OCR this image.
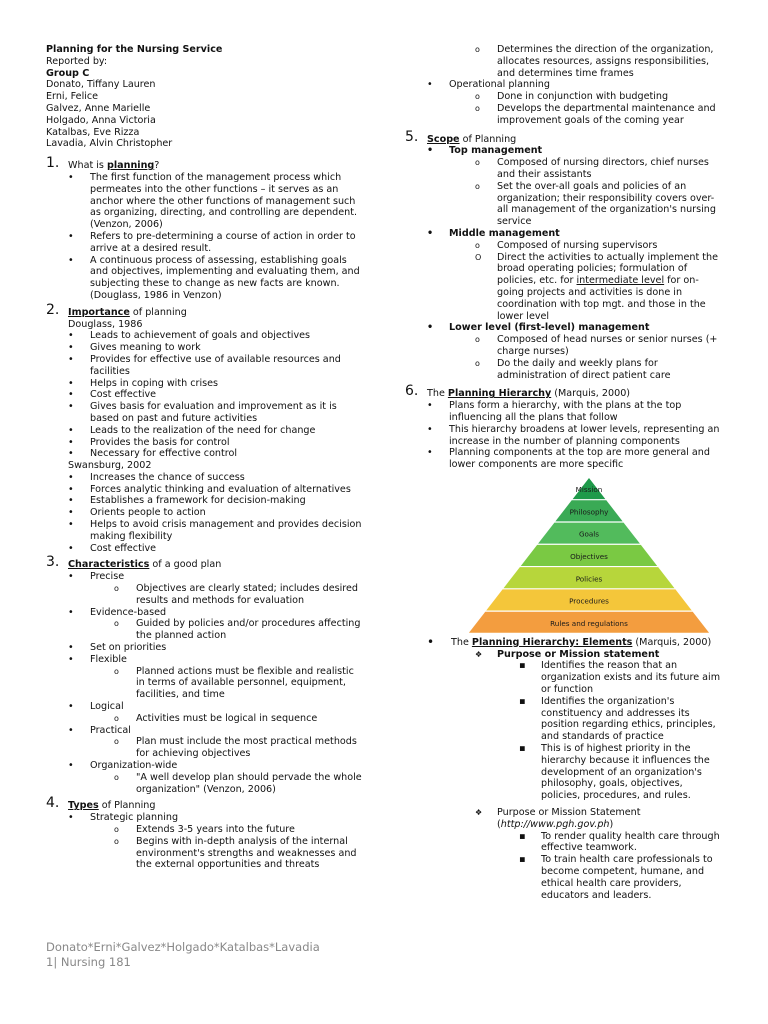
Planning for the Nursing Service
Reported by:
Group C
Donato, Tiffany Lauren
Erni, Felice
Galvez, Anne Marielle
Holgado, Anna Victoria
Katalbas, Eve Rizza
Lavadia, Alvin Christopher
1. What is planning?
• The first function of the management process which permeates into the other functions – it serves as an anchor where the other functions of management such as organizing, directing, and controlling are dependent. (Venzon, 2006)
• Refers to pre-determining a course of action in order to arrive at a desired result.
• A continuous process of assessing, establishing goals and objectives, implementing and evaluating them, and subjecting these to change as new facts are known. (Douglass, 1986 in Venzon)
2. Importance of planning
Douglass, 1986
• Leads to achievement of goals and objectives
• Gives meaning to work
• Provides for effective use of available resources and facilities
• Helps in coping with crises
• Cost effective
• Gives basis for evaluation and improvement as it is based on past and future activities
• Leads to the realization of the need for change
• Provides the basis for control
• Necessary for effective control
Swansburg, 2002
• Increases the chance of success
• Forces analytic thinking and evaluation of alternatives
• Establishes a framework for decision-making
• Orients people to action
• Helps to avoid crisis management and provides decision making flexibility
• Cost effective
3. Characteristics of a good plan
• Precise
o Objectives are clearly stated; includes desired results and methods for evaluation
• Evidence-based
o Guided by policies and/or procedures affecting the planned action
• Set on priorities
• Flexible
o Planned actions must be flexible and realistic in terms of available personnel, equipment, facilities, and time
• Logical
o Activities must be logical in sequence
• Practical
o Plan must include the most practical methods for achieving objectives
• Organization-wide
o "A well develop plan should pervade the whole organization" (Venzon, 2006)
4. Types of Planning
• Strategic planning
o Extends 3-5 years into the future
o Begins with in-depth analysis of the internal environment's strengths and weaknesses and the external opportunities and threats
o Determines the direction of the organization, allocates resources, assigns responsibilities, and determines time frames
• Operational planning
o Done in conjunction with budgeting
o Develops the departmental maintenance and improvement goals of the coming year
5. Scope of Planning
• Top management
o Composed of nursing directors, chief nurses and their assistants
o Set the over-all goals and policies of an organization; their responsibility covers over-all management of the organization's nursing service
• Middle management
o Composed of nursing supervisors
O Direct the activities to actually implement the broad operating policies; formulation of policies, etc. for intermediate level for on-going projects and activities is done in coordination with top mgt. and those in the lower level
• Lower level (first-level) management
o Composed of head nurses or senior nurses (+ charge nurses)
o Do the daily and weekly plans for administration of direct patient care
6. The Planning Hierarchy (Marquis, 2000)
• Plans form a hierarchy, with the plans at the top influencing all the plans that follow
• This hierarchy broadens at lower levels, representing an increase in the number of planning components
• Planning components at the top are more general and lower components are more specific
• The Planning Hierarchy: Elements (Marquis, 2000)
❖ Purpose or Mission statement
▪ Identifies the reason that an organization exists and its future aim or function
▪ Identifies the organization's constituency and addresses its position regarding ethics, principles, and standards of practice
▪ This is of highest priority in the hierarchy because it influences the development of an organization's philosophy, goals, objectives, policies, procedures, and rules.
❖ Purpose or Mission Statement
(http://www.pgh.gov.ph)
▪ To render quality health care through effective teamwork.
▪ To train health care professionals to become competent, humane, and ethical health care providers, educators and leaders.
Mission
Philosophy
Goals
Objectives
Policies
Procedures
Rules and regulations
Donato*Erni*Galvez*Holgado*Katalbas*Lavadia
1| Nursing 181
